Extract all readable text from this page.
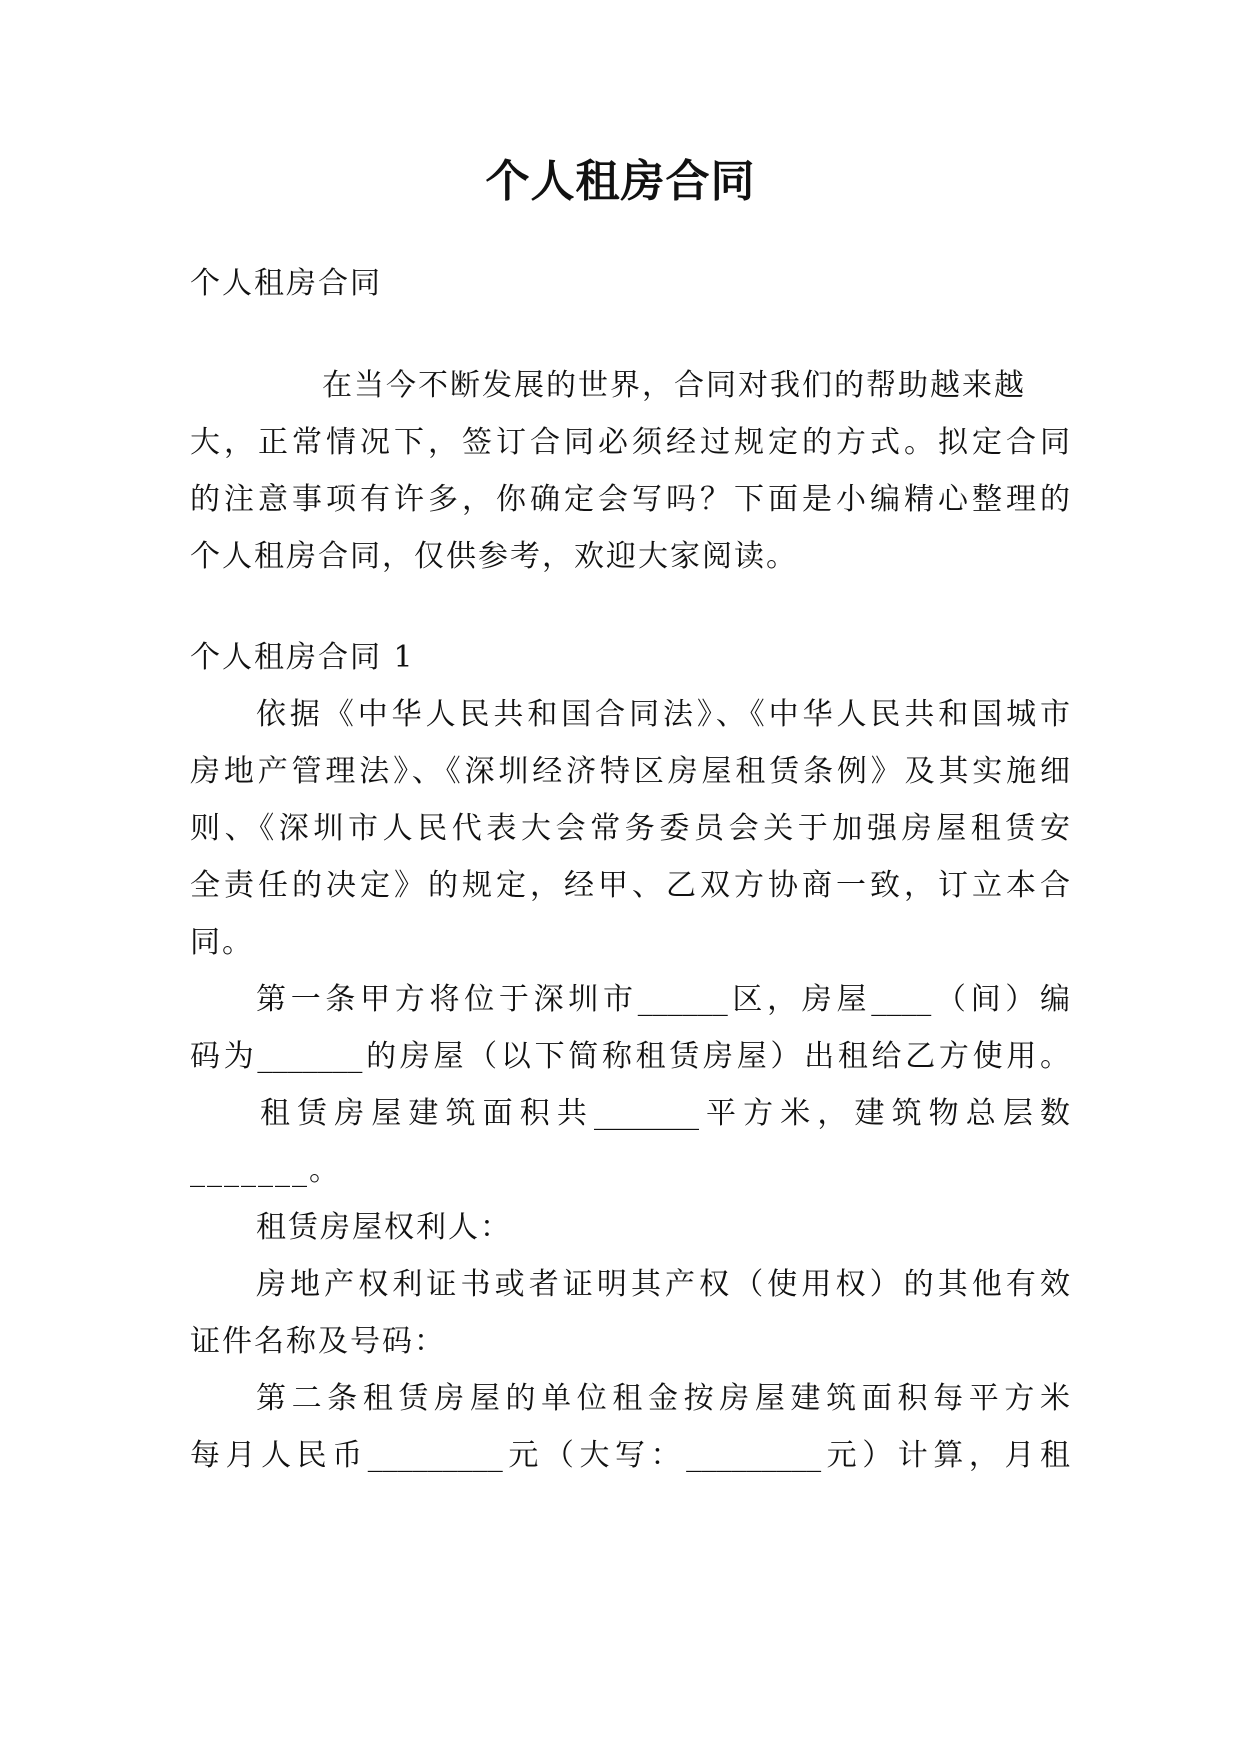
个人租房合同
个人租房合同
在当今不断发展的世界，合同对我们的帮助越来越
大，正常情况下，签订合同必须经过规定的方式。拟定合同
的注意事项有许多，你确定会写吗？下面是小编精心整理的
个人租房合同，仅供参考，欢迎大家阅读。
个人租房合同 1
依据《中华人民共和国合同法》、《中华人民共和国城市
房地产管理法》、《深圳经济特区房屋租赁条例》及其实施细
则、《深圳市人民代表大会常务委员会关于加强房屋租赁安
全责任的决定》的规定，经甲、乙双方协商一致，订立本合
同。
第一条甲方将位于深圳市______区，房屋____（间）编
码为_______的房屋（以下简称租赁房屋）出租给乙方使用。
租赁房屋建筑面积共_______平方米，建筑物总层数
_______。
租赁房屋权利人：
房地产权利证书或者证明其产权（使用权）的其他有效
证件名称及号码：
第二条租赁房屋的单位租金按房屋建筑面积每平方米
每月人民币_________元（大写：_________元）计算，月租
